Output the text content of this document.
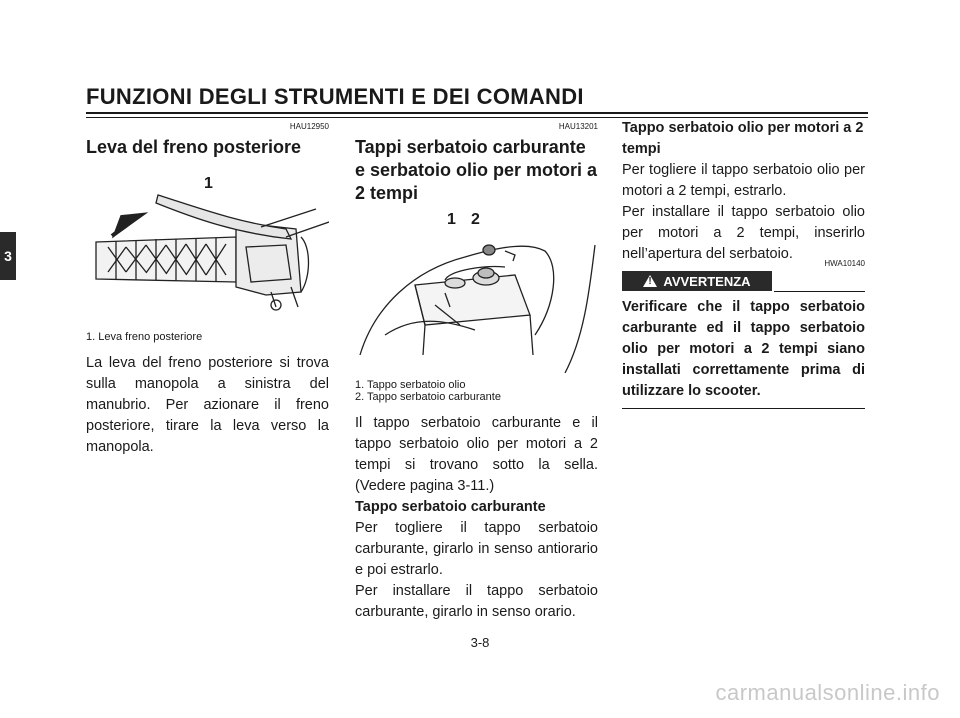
FUNZIONI DEGLI STRUMENTI E DEI COMANDI
3
HAU12950
Leva del freno posteriore
1
1. Leva freno posteriore
La leva del freno posteriore si trova sulla manopola a sinistra del manubrio. Per azionare il freno posteriore, tirare la leva verso la manopola.
HAU13201
Tappi serbatoio carburante e serbatoio olio per motori a 2 tempi
1 2
1. Tappo serbatoio olio
2. Tappo serbatoio carburante
Il tappo serbatoio carburante e il tappo serbatoio olio per motori a 2 tempi si trovano sotto la sella. (Vedere pagina 3-11.)
Tappo serbatoio carburante
Per togliere il tappo serbatoio carburante, girarlo in senso antiorario e poi estrarlo.
Per installare il tappo serbatoio carburante, girarlo in senso orario.
Tappo serbatoio olio per motori a 2 tempi
Per togliere il tappo serbatoio olio per motori a 2 tempi, estrarlo.
Per installare il tappo serbatoio olio per motori a 2 tempi, inserirlo nell’apertura del serbatoio.
HWA10140
! AVVERTENZA
Verificare che il tappo serbatoio carburante ed il tappo serbatoio olio per motori a 2 tempi siano installati correttamente prima di utilizzare lo scooter.
3-8
carmanualsonline.info
